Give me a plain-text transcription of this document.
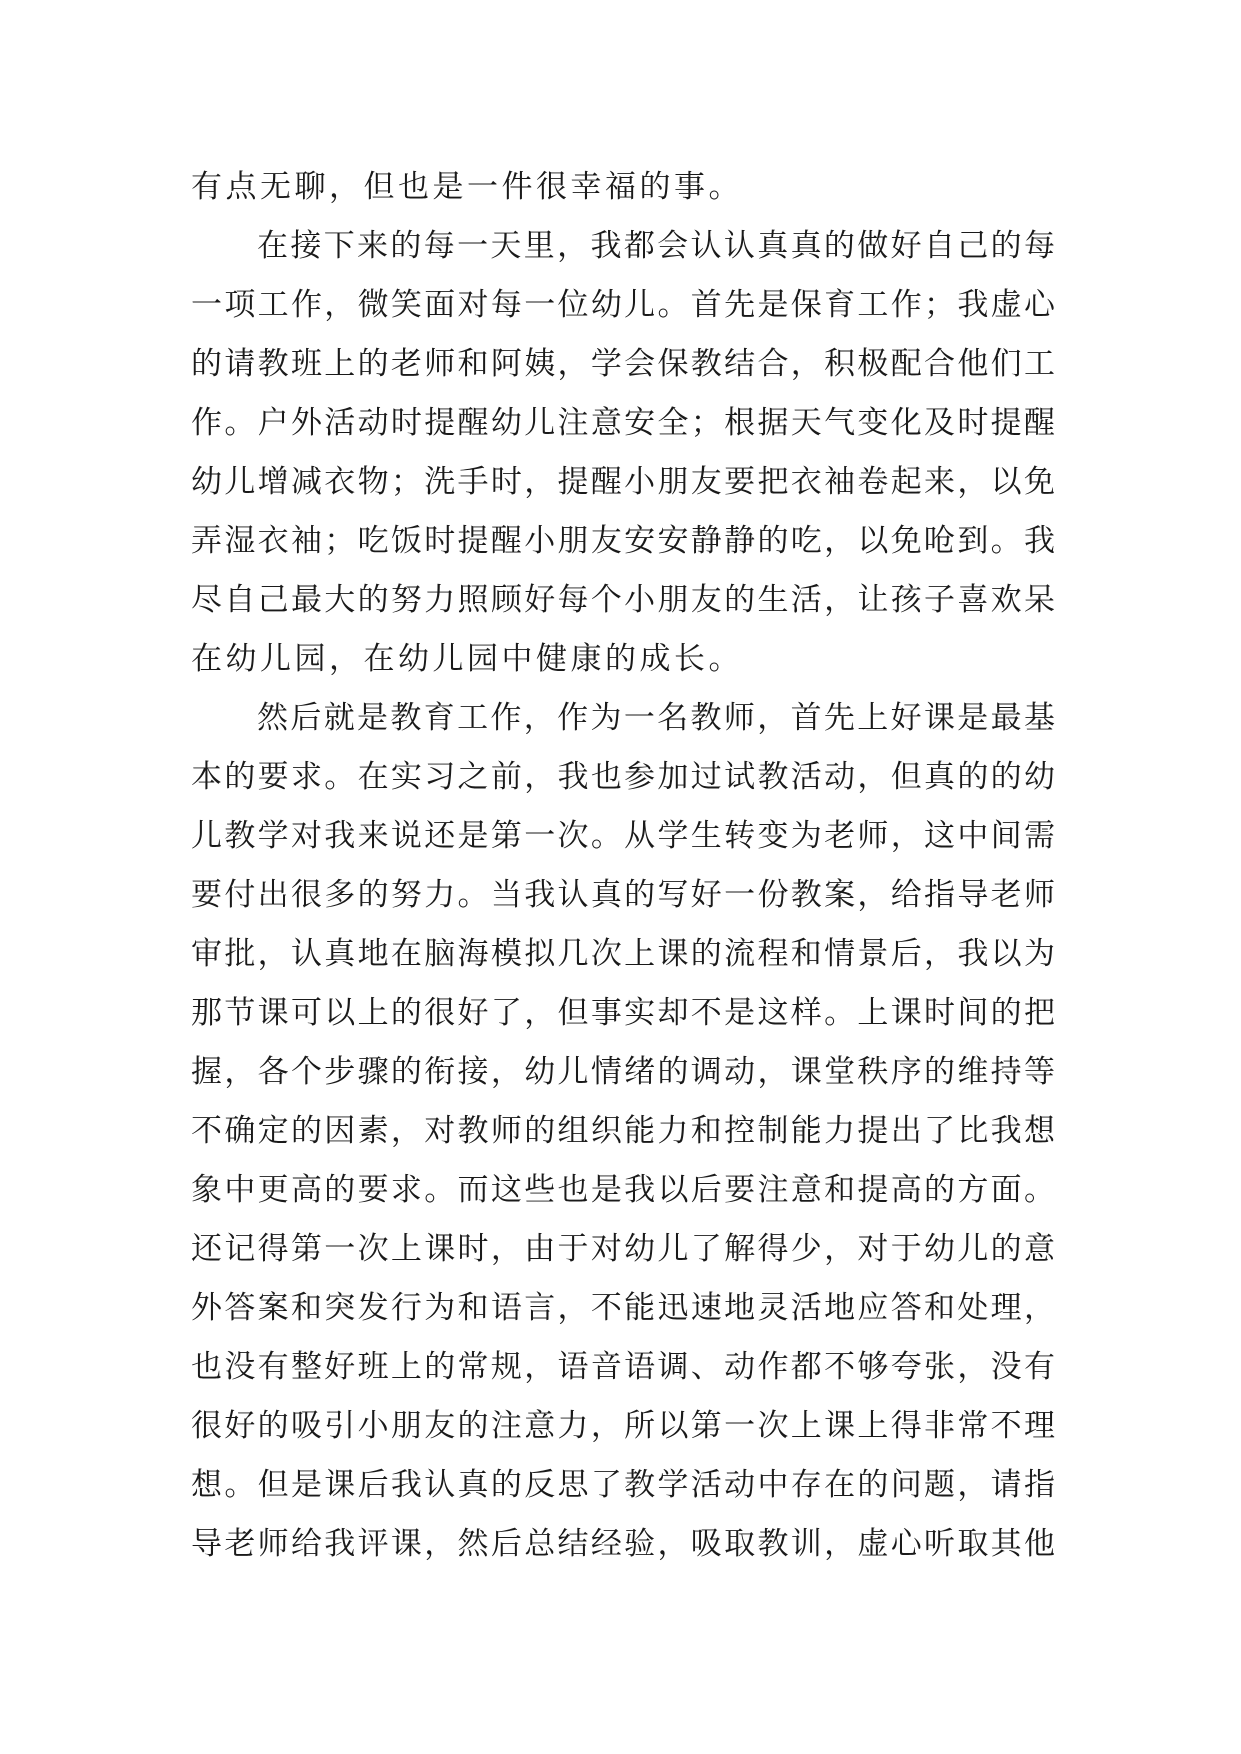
有点无聊，但也是一件很幸福的事。
在接下来的每一天里，我都会认认真真的做好自己的每
一项工作，微笑面对每一位幼儿。首先是保育工作；我虚心
的请教班上的老师和阿姨，学会保教结合，积极配合他们工
作。户外活动时提醒幼儿注意安全；根据天气变化及时提醒
幼儿增减衣物；洗手时，提醒小朋友要把衣袖卷起来，以免
弄湿衣袖；吃饭时提醒小朋友安安静静的吃，以免呛到。我
尽自己最大的努力照顾好每个小朋友的生活，让孩子喜欢呆
在幼儿园，在幼儿园中健康的成长。
然后就是教育工作，作为一名教师，首先上好课是最基
本的要求。在实习之前，我也参加过试教活动，但真的的幼
儿教学对我来说还是第一次。从学生转变为老师，这中间需
要付出很多的努力。当我认真的写好一份教案，给指导老师
审批，认真地在脑海模拟几次上课的流程和情景后，我以为
那节课可以上的很好了，但事实却不是这样。上课时间的把
握，各个步骤的衔接，幼儿情绪的调动，课堂秩序的维持等
不确定的因素，对教师的组织能力和控制能力提出了比我想
象中更高的要求。而这些也是我以后要注意和提高的方面。
还记得第一次上课时，由于对幼儿了解得少，对于幼儿的意
外答案和突发行为和语言，不能迅速地灵活地应答和处理，
也没有整好班上的常规，语音语调、动作都不够夸张，没有
很好的吸引小朋友的注意力，所以第一次上课上得非常不理
想。但是课后我认真的反思了教学活动中存在的问题，请指
导老师给我评课，然后总结经验，吸取教训，虚心听取其他
